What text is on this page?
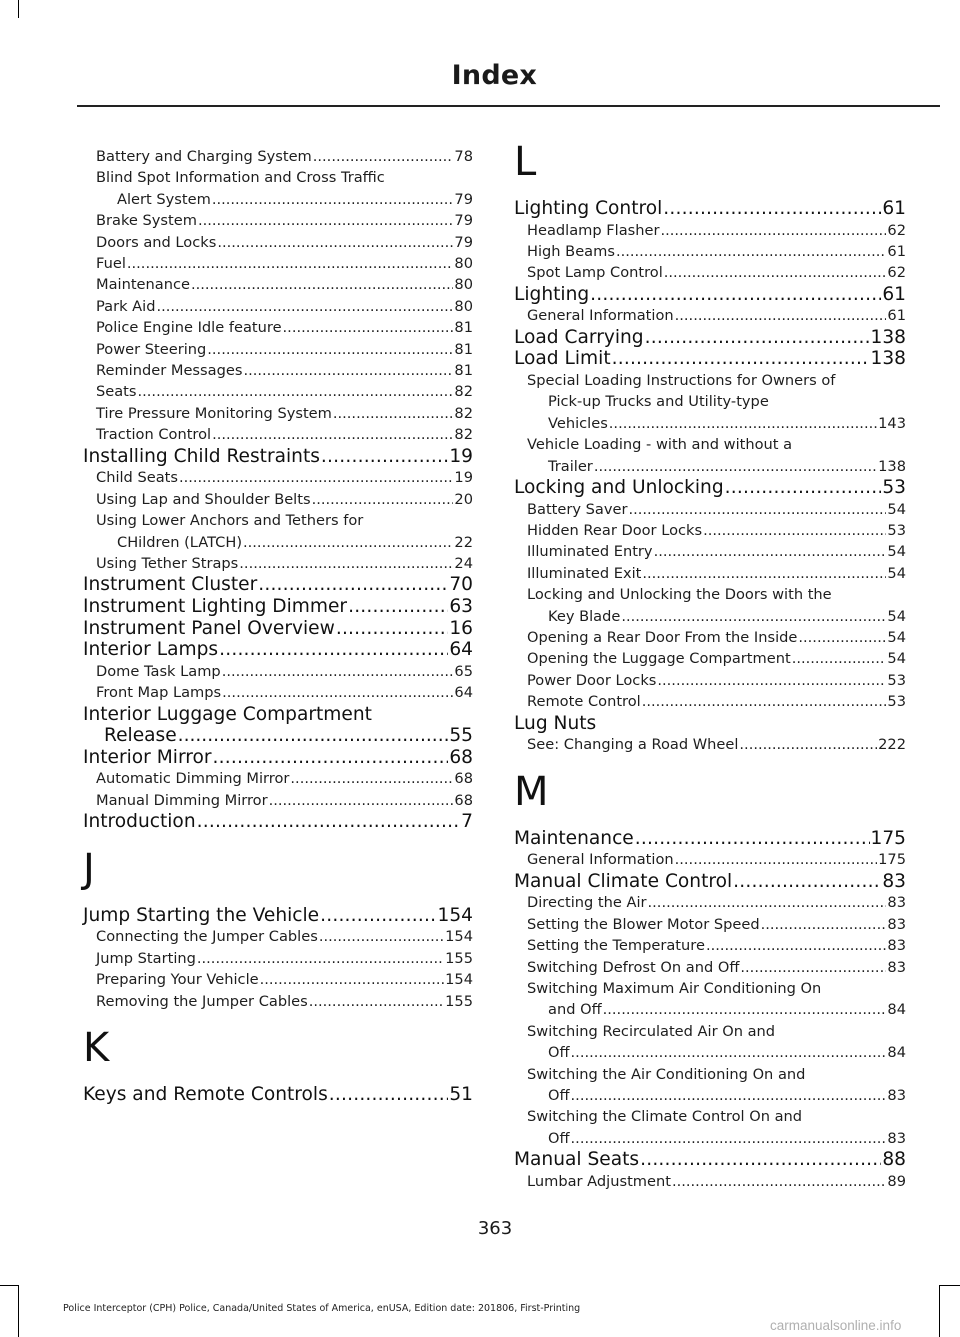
Index
Battery and Charging System .....	78
Blind Spot Information and Cross Traffic
Alert System .....	79
Brake System .....	79
Doors and Locks .....	79
Fuel .....	80
Maintenance .....	80
Park Aid .....	80
Police Engine Idle feature .....	81
Power Steering .....	81
Reminder Messages .....	81
Seats .....	82
Tire Pressure Monitoring System .....	82
Traction Control .....	82
Installing Child Restraints .....	19
Child Seats .....	19
Using Lap and Shoulder Belts .....	20
Using Lower Anchors and Tethers for
CHildren (LATCH) .....	22
Using Tether Straps .....	24
Instrument Cluster .....	70
Instrument Lighting Dimmer .....	63
Instrument Panel Overview .....	16
Interior Lamps .....	64
Dome Task Lamp .....	65
Front Map Lamps .....	64
Interior Luggage Compartment
Release .....	55
Interior Mirror .....	68
Automatic Dimming Mirror .....	68
Manual Dimming Mirror .....	68
Introduction .....	7
J
Jump Starting the Vehicle .....	154
Connecting the Jumper Cables .....	154
Jump Starting .....	155
Preparing Your Vehicle .....	154
Removing the Jumper Cables .....	155
K
Keys and Remote Controls .....	51
L
Lighting Control .....	61
Headlamp Flasher .....	62
High Beams .....	61
Spot Lamp Control .....	62
Lighting .....	61
General Information .....	61
Load Carrying .....	138
Load Limit .....	138
Special Loading Instructions for Owners of
Pick-up Trucks and Utility-type
Vehicles .....	143
Vehicle Loading - with and without a
Trailer .....	138
Locking and Unlocking .....	53
Battery Saver .....	54
Hidden Rear Door Locks .....	53
Illuminated Entry .....	54
Illuminated Exit .....	54
Locking and Unlocking the Doors with the
Key Blade .....	54
Opening a Rear Door From the Inside .....	54
Opening the Luggage Compartment .....	54
Power Door Locks .....	53
Remote Control .....	53
Lug Nuts
See: Changing a Road Wheel .....	222
M
Maintenance .....	175
General Information .....	175
Manual Climate Control .....	83
Directing the Air .....	83
Setting the Blower Motor Speed .....	83
Setting the Temperature .....	83
Switching Defrost On and Off .....	83
Switching Maximum Air Conditioning On
and Off .....	84
Switching Recirculated Air On and
Off .....	84
Switching the Air Conditioning On and
Off .....	83
Switching the Climate Control On and
Off .....	83
Manual Seats .....	88
Lumbar Adjustment .....	89
363
Police Interceptor (CPH) Police, Canada/United States of America, enUSA, Edition date: 201806, First-Printing
carmanualsonline.info
